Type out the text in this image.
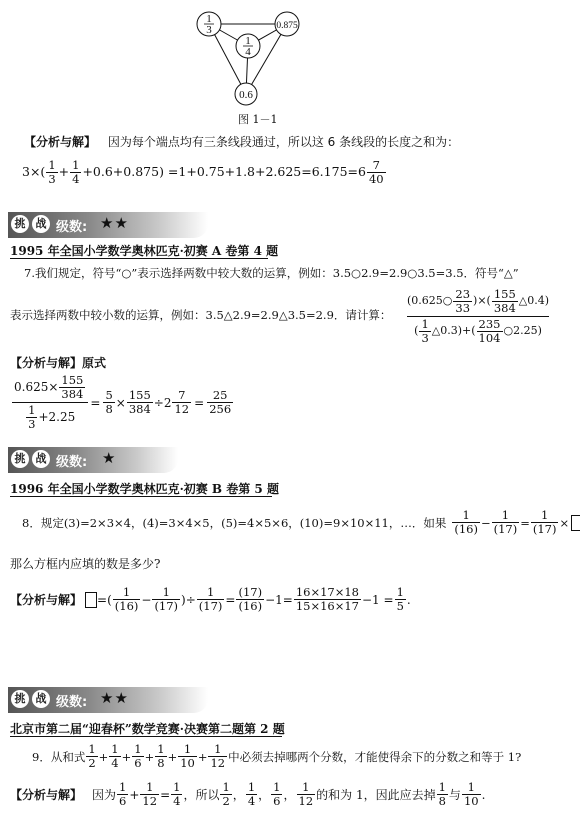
1
3	0.875
1
4
0.6
图 1－1
【分析与解】 因为每个端点均有三条线段通过，所以这 6 条线段的长度之和为：
$3\times( \frac{1}{3} + \frac{1}{4} +0.6+0.875) =1+0.75+1.8+2.625=6.175=6 \frac{7}{40}$
挑 战 级数: ★★
1995 年全国小学数学奥林匹克·初赛 A 卷第 4 题
7.我们规定，符号“○”表示选择两数中较大数的运算，例如：3.5○2.9=2.9○3.5=3.5．符号“△”
表示选择两数中较小数的运算，例如：3.5△2.9=2.9△3.5=2.9．请计算：
(0.625○ $\frac{23}{33}$ )×( $\frac{155}{384}$ △0.4)
( $\frac{1}{3}$ △0.3)+( $\frac{235}{104}$ ○2.25)
【分析与解】原式
$\frac{0.625\times \frac{155}{384}}{\frac{1}{3} +2.25} = \frac{5}{8} \times \frac{155}{384} \div 2 \frac{7}{12} = \frac{25}{256}$
挑 战 级数: ★
1996 年全国小学数学奥林匹克·初赛 B 卷第 5 题
8．规定(3)=2×3×4，(4)=3×4×5，(5)=4×5×6，(10)=9×10×11，…．如果 $\frac{1}{(16)} - \frac{1}{(17)} = \frac{1}{(17)}$ ×
那么方框内应填的数是多少?
【分析与解】 =( $\frac{1}{(16)} - \frac{1}{(17)}$ )÷ $\frac{1}{(17)} = \frac{(17)}{(16)} -1= \frac{16\times 17\times 18}{15\times 16\times 17} -1 = \frac{1}{5}$ .
挑 战 级数: ★★
北京市第二届“迎春杯”数学竞赛·决赛第二题第 2 题
9．从和式 $\frac{1}{2} + \frac{1}{4} + \frac{1}{6} + \frac{1}{8} + \frac{1}{10} + \frac{1}{12}$ 中必须去掉哪两个分数，才能使得余下的分数之和等于 1?
【分析与解】 因为 $\frac{1}{6} + \frac{1}{12} = \frac{1}{4}$ ，所以 $\frac{1}{2}$ ， $\frac{1}{4}$ ， $\frac{1}{6}$ ， $\frac{1}{12}$ 的和为 1，因此应去掉 $\frac{1}{8}$ 与 $\frac{1}{10}$ .
